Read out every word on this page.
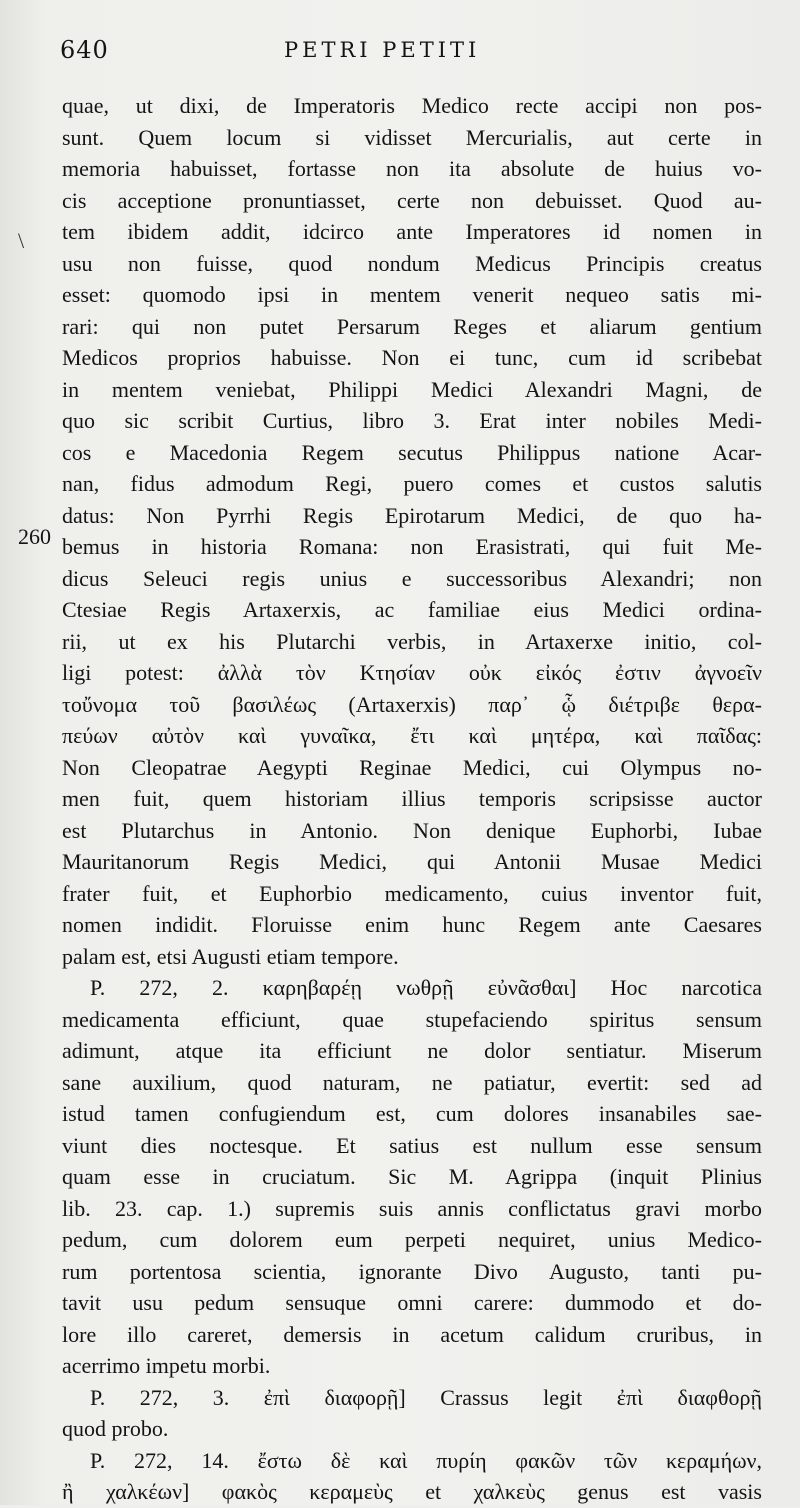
640	PETRI PETITI
\
260
quae, ut dixi, de Imperatoris Medico recte accipi non pos-
sunt. Quem locum si vidisset Mercurialis, aut certe in
memoria habuisset, fortasse non ita absolute de huius vo-
cis acceptione pronuntiasset, certe non debuisset. Quod au-
tem ibidem addit, idcirco ante Imperatores id nomen in
usu non fuisse, quod nondum Medicus Principis creatus
esset: quomodo ipsi in mentem venerit nequeo satis mi-
rari: qui non putet Persarum Reges et aliarum gentium
Medicos proprios habuisse. Non ei tunc, cum id scribebat
in mentem veniebat, Philippi Medici Alexandri Magni, de
quo sic scribit Curtius, libro 3. Erat inter nobiles Medi-
cos e Macedonia Regem secutus Philippus natione Acar-
nan, fidus admodum Regi, puero comes et custos salutis
datus: Non Pyrrhi Regis Epirotarum Medici, de quo ha-
bemus in historia Romana: non Erasistrati, qui fuit Me-
dicus Seleuci regis unius e successoribus Alexandri; non
Ctesiae Regis Artaxerxis, ac familiae eius Medici ordina-
rii, ut ex his Plutarchi verbis, in Artaxerxe initio, col-
ligi potest: ἀλλὰ τὸν Κτησίαν οὐκ εἰκός ἐστιν ἀγνοεῖν
τοὔνομα τοῦ βασιλέως (Artaxerxis) παρ᾽ ᾧ διέτριβε θερα-
πεύων αὐτὸν καὶ γυναῖκα, ἔτι καὶ μητέρα, καὶ παῖδας:
Non Cleopatrae Aegypti Reginae Medici, cui Olympus no-
men fuit, quem historiam illius temporis scripsisse auctor
est Plutarchus in Antonio. Non denique Euphorbi, Iubae
Mauritanorum Regis Medici, qui Antonii Musae Medici
frater fuit, et Euphorbio medicamento, cuius inventor fuit,
nomen indidit. Floruisse enim hunc Regem ante Caesares
palam est, etsi Augusti etiam tempore.
P. 272, 2. καρηβαρέῃ νωθρῇ εὐνᾶσθαι] Hoc narcotica
medicamenta efficiunt, quae stupefaciendo spiritus sensum
adimunt, atque ita efficiunt ne dolor sentiatur. Miserum
sane auxilium, quod naturam, ne patiatur, evertit: sed ad
istud tamen confugiendum est, cum dolores insanabiles sae-
viunt dies noctesque. Et satius est nullum esse sensum
quam esse in cruciatum. Sic M. Agrippa (inquit Plinius
lib. 23. cap. 1.) supremis suis annis conflictatus gravi morbo
pedum, cum dolorem eum perpeti nequiret, unius Medico-
rum portentosa scientia, ignorante Divo Augusto, tanti pu-
tavit usu pedum sensuque omni carere: dummodo et do-
lore illo careret, demersis in acetum calidum cruribus, in
acerrimo impetu morbi.
P. 272, 3. ἐπὶ διαφορῇ] Crassus legit ἐπὶ διαφθορῇ
quod probo.
P. 272, 14. ἔστω δὲ καὶ πυρίη φακῶν τῶν κεραμήων,
ἢ χαλκέων] φακὸς κεραμεὺς et χαλκεὺς genus est vasis
